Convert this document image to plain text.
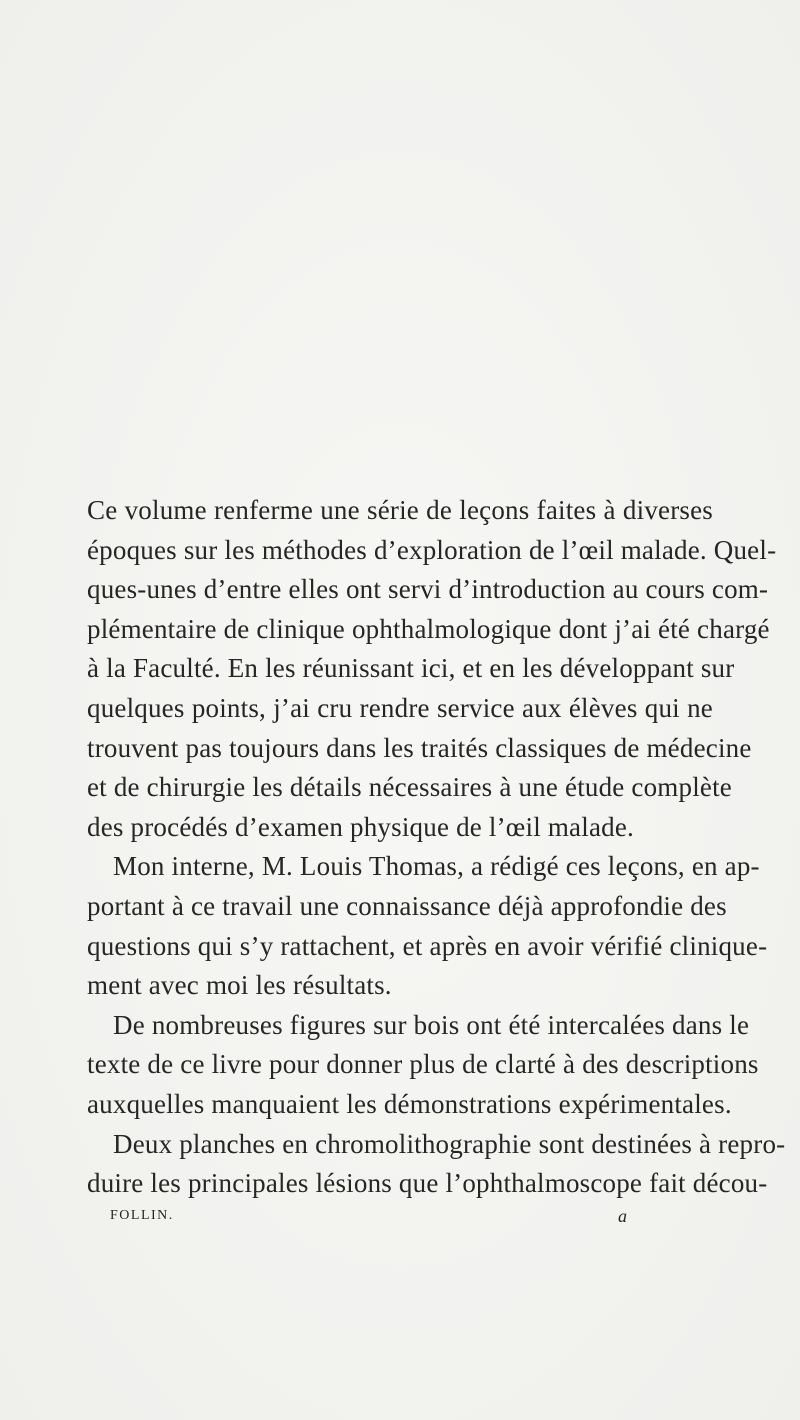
Ce volume renferme une série de leçons faites à diverses
époques sur les méthodes d’exploration de l’œil malade. Quel-
ques-unes d’entre elles ont servi d’introduction au cours com-
plémentaire de clinique ophthalmologique dont j’ai été chargé
à la Faculté. En les réunissant ici, et en les développant sur
quelques points, j’ai cru rendre service aux élèves qui ne
trouvent pas toujours dans les traités classiques de médecine
et de chirurgie les détails nécessaires à une étude complète
des procédés d’examen physique de l’œil malade.

Mon interne, M. Louis Thomas, a rédigé ces leçons, en ap-
portant à ce travail une connaissance déjà approfondie des
questions qui s’y rattachent, et après en avoir vérifié clinique-
ment avec moi les résultats.

De nombreuses figures sur bois ont été intercalées dans le
texte de ce livre pour donner plus de clarté à des descriptions
auxquelles manquaient les démonstrations expérimentales.

Deux planches en chromolithographie sont destinées à repro-
duire les principales lésions que l’ophthalmoscope fait décou-

FOLLIN.	a
